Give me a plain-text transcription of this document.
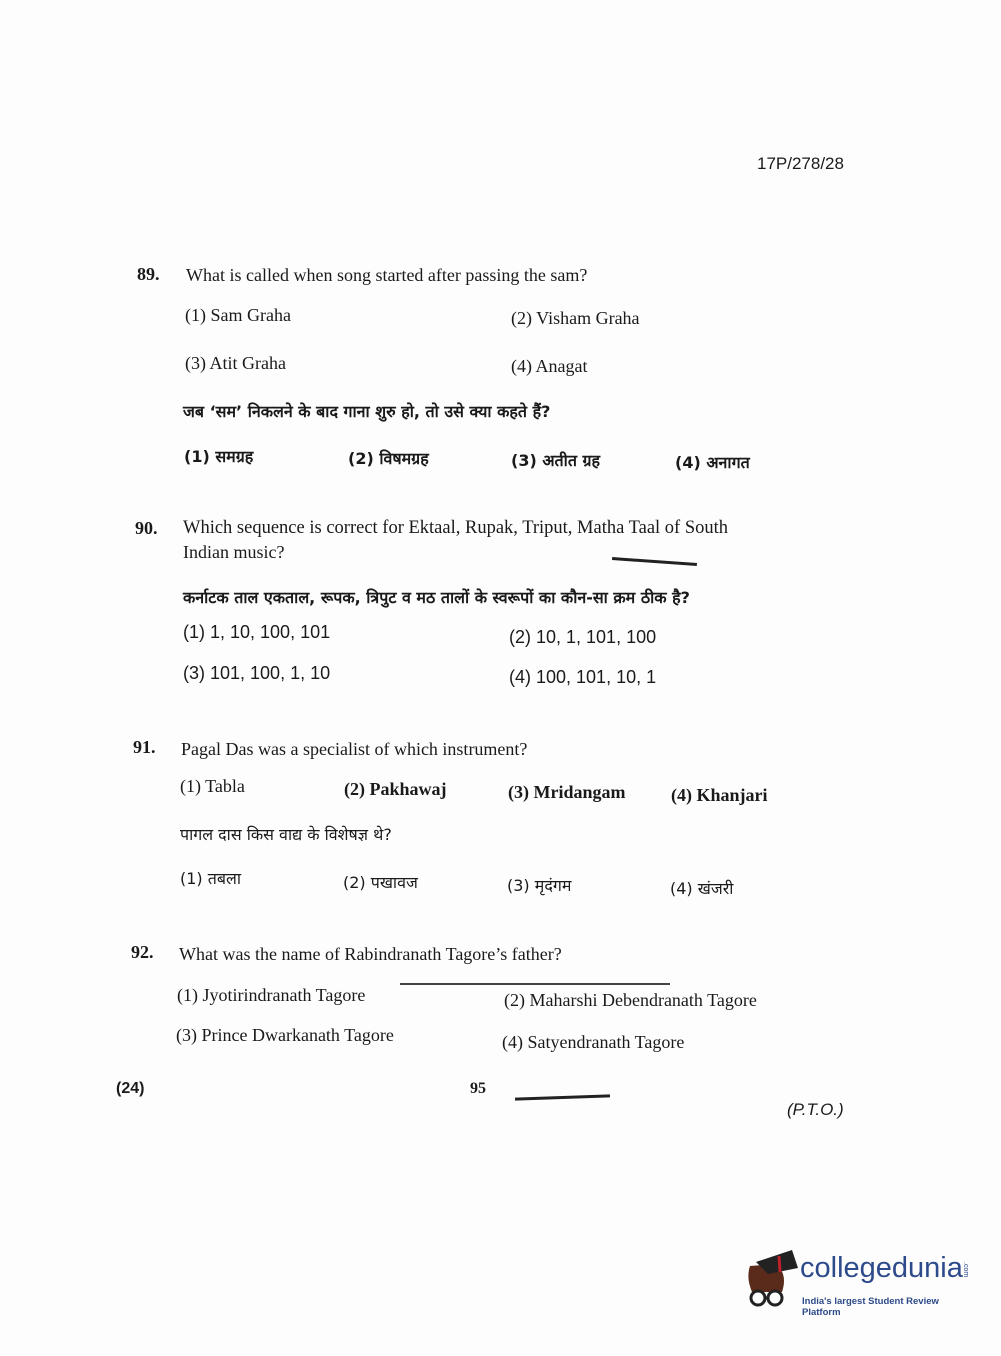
17P/278/28
89. What is called when song started after passing the sam?
(1) Sam Graha	(2) Visham Graha
(3) Atit Graha	(4) Anagat
जब ‘सम’ निकलने के बाद गाना शुरु हो, तो उसे क्या कहते हैं?
(1) समग्रह	(2) विषमग्रह	(3) अतीत ग्रह	(4) अनागत
90. Which sequence is correct for Ektaal, Rupak, Triput, Matha Taal of South
Indian music?
कर्नाटक ताल एकताल, रूपक, त्रिपुट व मठ तालों के स्वरूपों का कौन-सा क्रम ठीक है?
(1) 1, 10, 100, 101	(2) 10, 1, 101, 100
(3) 101, 100, 1, 10	(4) 100, 101, 10, 1
91. Pagal Das was a specialist of which instrument?
(1) Tabla	(2) Pakhawaj	(3) Mridangam	(4) Khanjari
पागल दास किस वाद्य के विशेषज्ञ थे?
(1) तबला	(2) पखावज	(3) मृदंगम	(4) खंजरी
92. What was the name of Rabindranath Tagore’s father?
(1) Jyotirindranath Tagore	(2) Maharshi Debendranath Tagore
(3) Prince Dwarkanath Tagore	(4) Satyendranath Tagore
(24)	95
(P.T.O.)
collegedunia .com
India's largest Student Review Platform
